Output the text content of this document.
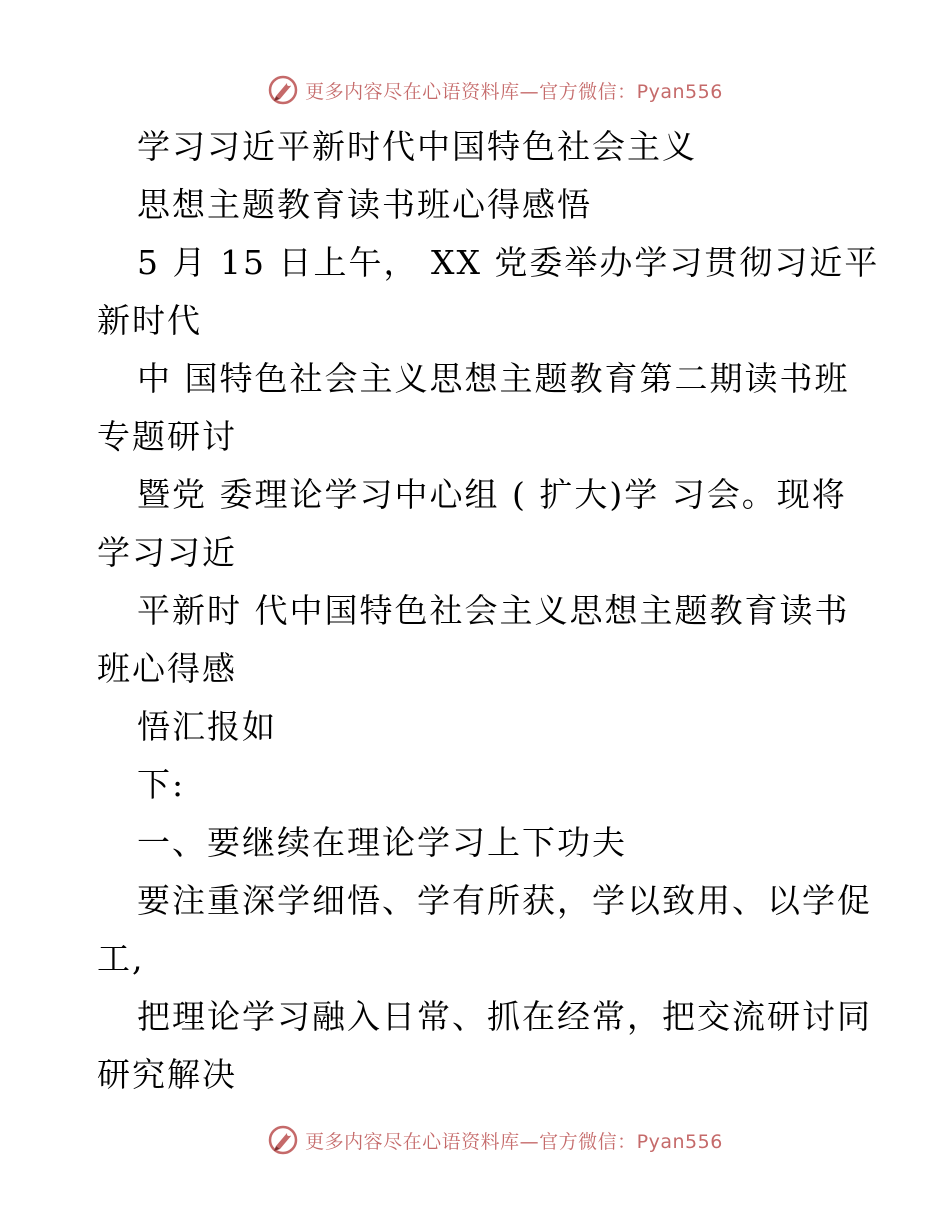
更多内容尽在心语资料库—官方微信：Pyan556
学习习近平新时代中国特色社会主义
思想主题教育读书班心得感悟
5 月 15 日上午， XX 党委举办学习贯彻习近平
新时代
中 国特色社会主义思想主题教育第二期读书班
专题研讨
暨党 委理论学习中心组 ( 扩大)学 习会。现将
学习习近
平新时 代中国特色社会主义思想主题教育读书
班心得感
悟汇报如
下:
一、要继续在理论学习上下功夫
要注重深学细悟、学有所获，学以致用、以学促
工,
把理论学习融入日常、抓在经常，把交流研讨同
研究解决
更多内容尽在心语资料库—官方微信：Pyan556
